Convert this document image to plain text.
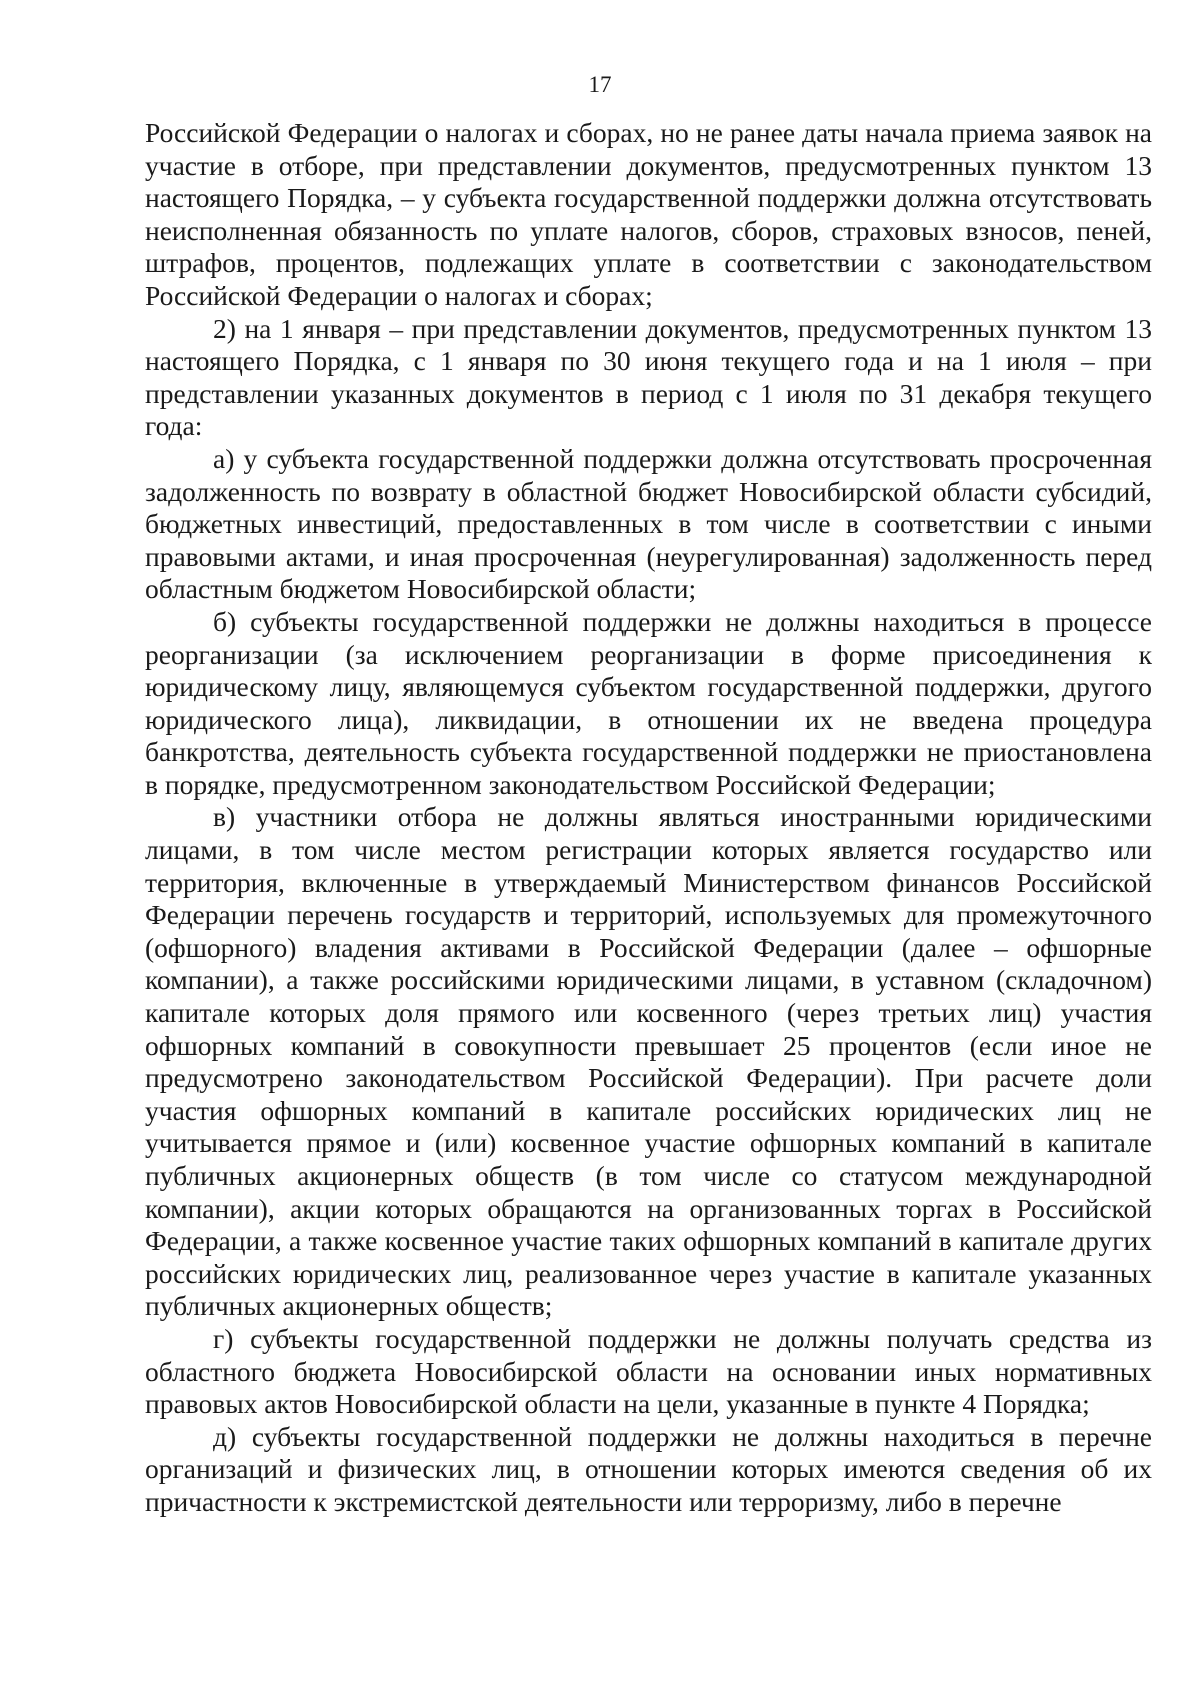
17

Российской Федерации о налогах и сборах, но не ранее даты начала приема заявок на участие в отборе, при представлении документов, предусмотренных пунктом 13 настоящего Порядка, – у субъекта государственной поддержки должна отсутствовать неисполненная обязанность по уплате налогов, сборов, страховых взносов, пеней, штрафов, процентов, подлежащих уплате в соответствии с законодательством Российской Федерации о налогах и сборах;

2) на 1 января – при представлении документов, предусмотренных пунктом 13 настоящего Порядка, с 1 января по 30 июня текущего года и на 1 июля – при представлении указанных документов в период с 1 июля по 31 декабря текущего года:

а) у субъекта государственной поддержки должна отсутствовать просроченная задолженность по возврату в областной бюджет Новосибирской области субсидий, бюджетных инвестиций, предоставленных в том числе в соответствии с иными правовыми актами, и иная просроченная (неурегулированная) задолженность перед областным бюджетом Новосибирской области;

б) субъекты государственной поддержки не должны находиться в процессе реорганизации (за исключением реорганизации в форме присоединения к юридическому лицу, являющемуся субъектом государственной поддержки, другого юридического лица), ликвидации, в отношении их не введена процедура банкротства, деятельность субъекта государственной поддержки не приостановлена в порядке, предусмотренном законодательством Российской Федерации;

в) участники отбора не должны являться иностранными юридическими лицами, в том числе местом регистрации которых является государство или территория, включенные в утверждаемый Министерством финансов Российской Федерации перечень государств и территорий, используемых для промежуточного (офшорного) владения активами в Российской Федерации (далее – офшорные компании), а также российскими юридическими лицами, в уставном (складочном) капитале которых доля прямого или косвенного (через третьих лиц) участия офшорных компаний в совокупности превышает 25 процентов (если иное не предусмотрено законодательством Российской Федерации). При расчете доли участия офшорных компаний в капитале российских юридических лиц не учитывается прямое и (или) косвенное участие офшорных компаний в капитале публичных акционерных обществ (в том числе со статусом международной компании), акции которых обращаются на организованных торгах в Российской Федерации, а также косвенное участие таких офшорных компаний в капитале других российских юридических лиц, реализованное через участие в капитале указанных публичных акционерных обществ;

г) субъекты государственной поддержки не должны получать средства из областного бюджета Новосибирской области на основании иных нормативных правовых актов Новосибирской области на цели, указанные в пункте 4 Порядка;

д) субъекты государственной поддержки не должны находиться в перечне организаций и физических лиц, в отношении которых имеются сведения об их причастности к экстремистской деятельности или терроризму, либо в перечне
